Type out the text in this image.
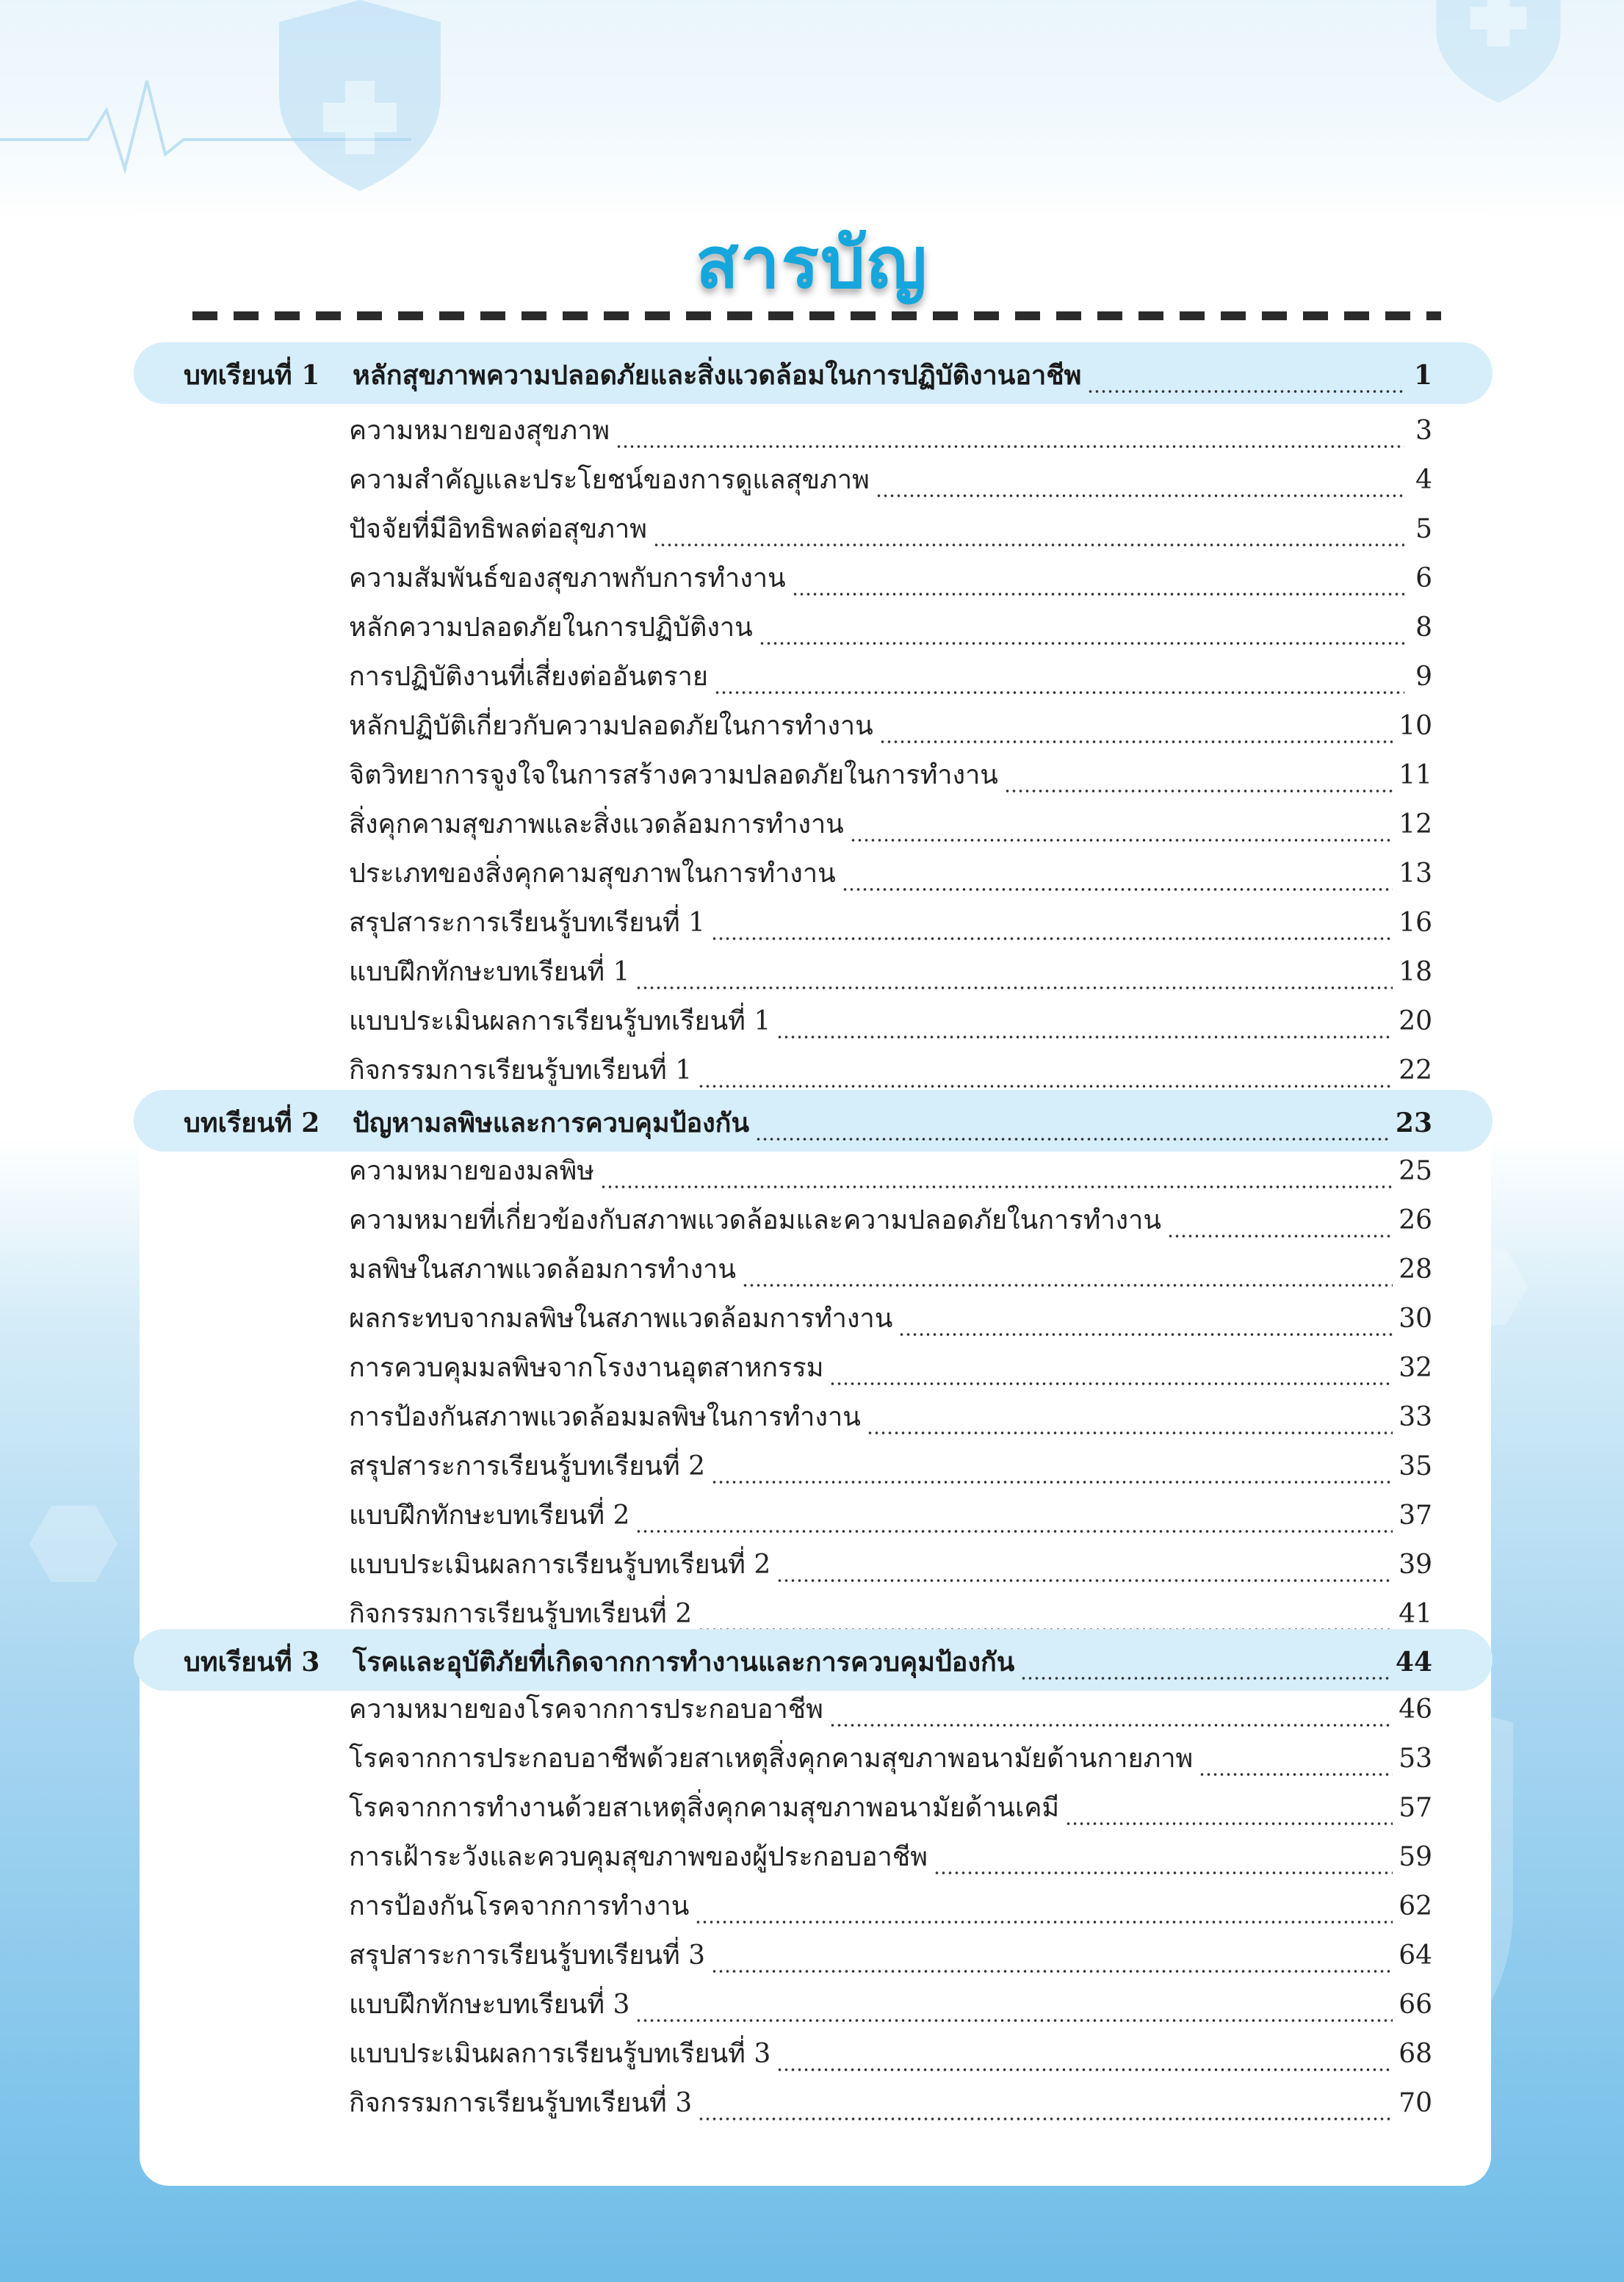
สารบัญ
บทเรียนที่ 1	หลักสุขภาพความปลอดภัยและสิ่งแวดล้อมในการปฏิบัติงานอาชีพ	1
ความหมายของสุขภาพ	3
ความสำคัญและประโยชน์ของการดูแลสุขภาพ	4
ปัจจัยที่มีอิทธิพลต่อสุขภาพ	5
ความสัมพันธ์ของสุขภาพกับการทำงาน	6
หลักความปลอดภัยในการปฏิบัติงาน	8
การปฏิบัติงานที่เสี่ยงต่ออันตราย	9
หลักปฏิบัติเกี่ยวกับความปลอดภัยในการทำงาน	10
จิตวิทยาการจูงใจในการสร้างความปลอดภัยในการทำงาน	11
สิ่งคุกคามสุขภาพและสิ่งแวดล้อมการทำงาน	12
ประเภทของสิ่งคุกคามสุขภาพในการทำงาน	13
สรุปสาระการเรียนรู้บทเรียนที่ 1	16
แบบฝึกทักษะบทเรียนที่ 1	18
แบบประเมินผลการเรียนรู้บทเรียนที่ 1	20
กิจกรรมการเรียนรู้บทเรียนที่ 1	22
บทเรียนที่ 2	ปัญหามลพิษและการควบคุมป้องกัน	23
ความหมายของมลพิษ	25
ความหมายที่เกี่ยวข้องกับสภาพแวดล้อมและความปลอดภัยในการทำงาน	26
มลพิษในสภาพแวดล้อมการทำงาน	28
ผลกระทบจากมลพิษในสภาพแวดล้อมการทำงาน	30
การควบคุมมลพิษจากโรงงานอุตสาหกรรม	32
การป้องกันสภาพแวดล้อมมลพิษในการทำงาน	33
สรุปสาระการเรียนรู้บทเรียนที่ 2	35
แบบฝึกทักษะบทเรียนที่ 2	37
แบบประเมินผลการเรียนรู้บทเรียนที่ 2	39
กิจกรรมการเรียนรู้บทเรียนที่ 2	41
บทเรียนที่ 3	โรคและอุบัติภัยที่เกิดจากการทำงานและการควบคุมป้องกัน	44
ความหมายของโรคจากการประกอบอาชีพ	46
โรคจากการประกอบอาชีพด้วยสาเหตุสิ่งคุกคามสุขภาพอนามัยด้านกายภาพ	53
โรคจากการทำงานด้วยสาเหตุสิ่งคุกคามสุขภาพอนามัยด้านเคมี	57
การเฝ้าระวังและควบคุมสุขภาพของผู้ประกอบอาชีพ	59
การป้องกันโรคจากการทำงาน	62
สรุปสาระการเรียนรู้บทเรียนที่ 3	64
แบบฝึกทักษะบทเรียนที่ 3	66
แบบประเมินผลการเรียนรู้บทเรียนที่ 3	68
กิจกรรมการเรียนรู้บทเรียนที่ 3	70
